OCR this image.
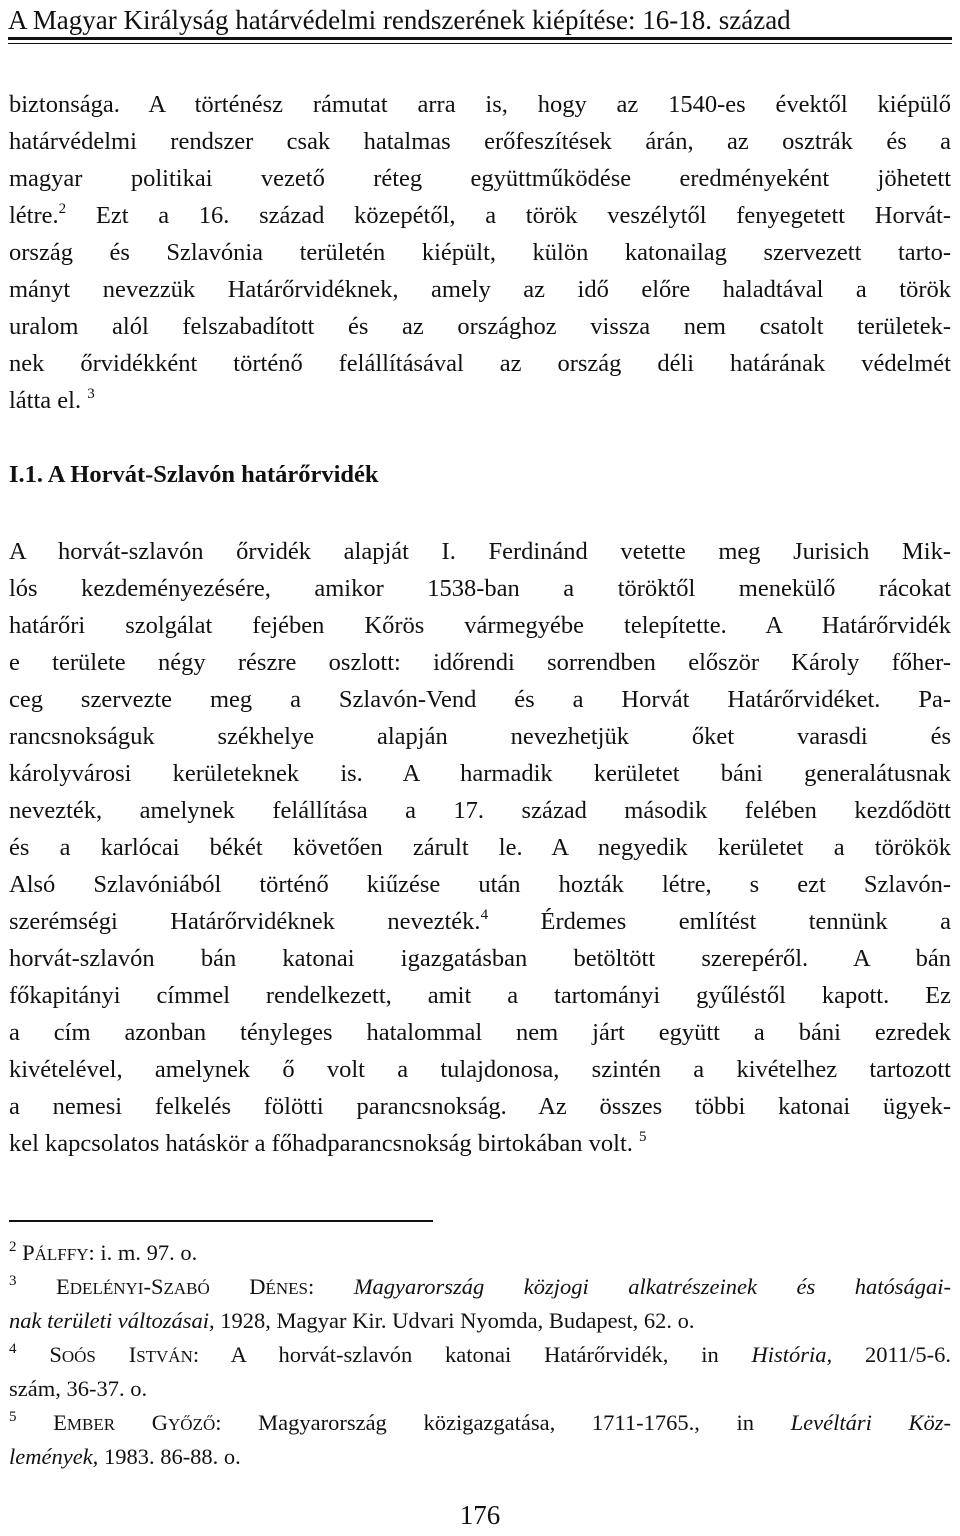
A Magyar Királyság határvédelmi rendszerének kiépítése: 16-18. század
biztonsága. A történész rámutat arra is, hogy az 1540-es évektől kiépülő
határvédelmi rendszer csak hatalmas erőfeszítések árán, az osztrák és a
magyar politikai vezető réteg együttműködése eredményeként jöhetett
létre.$^2$ Ezt a 16. század közepétől, a török veszélytől fenyegetett Horvát-
ország és Szlavónia területén kiépült, külön katonailag szervezett tarto-
mányt nevezzük Határőrvidéknek, amely az idő előre haladtával a török
uralom alól felszabadított és az országhoz vissza nem csatolt területek-
nek őrvidékként történő felállításával az ország déli határának védelmét
látta el. $^3$
I.1. A Horvát-Szlavón határőrvidék
A horvát-szlavón őrvidék alapját I. Ferdinánd vetette meg Jurisich Mik-
lós kezdeményezésére, amikor 1538-ban a töröktől menekülő rácokat
határőri szolgálat fejében Kőrös vármegyébe telepítette. A Határőrvidék
e területe négy részre oszlott: időrendi sorrendben először Károly főher-
ceg szervezte meg a Szlavón-Vend és a Horvát Határőrvidéket. Pa-
rancsnokságuk székhelye alapján nevezhetjük őket varasdi és
károlyvárosi kerületeknek is. A harmadik kerületet báni generalátusnak
nevezték, amelynek felállítása a 17. század második felében kezdődött
és a karlócai békét követően zárult le. A negyedik kerületet a törökök
Alsó Szlavóniából történő kiűzése után hozták létre, s ezt Szlavón-
szerémségi Határőrvidéknek nevezték.$^4$ Érdemes említést tennünk a
horvát-szlavón bán katonai igazgatásban betöltött szerepéről. A bán
főkapitányi címmel rendelkezett, amit a tartományi gyűléstől kapott. Ez
a cím azonban tényleges hatalommal nem járt együtt a báni ezredek
kivételével, amelynek ő volt a tulajdonosa, szintén a kivételhez tartozott
a nemesi felkelés fölötti parancsnokság. Az összes többi katonai ügyek-
kel kapcsolatos hatáskör a főhadparancsnokság birtokában volt. $^5$
$^2$ PÁLFFY: i. m. 97. o.
$^3$ EDELÉNYI-SZABÓ DÉNES: Magyarország közjogi alkatrészeinek és hatóságai-
nak területi változásai, 1928, Magyar Kir. Udvari Nyomda, Budapest, 62. o.
$^4$ SOÓS ISTVÁN: A horvát-szlavón katonai Határőrvidék, in História, 2011/5-6.
szám, 36-37. o.
$^5$ EMBER GYŐZŐ: Magyarország közigazgatása, 1711-1765., in Levéltári Köz-
lemények, 1983. 86-88. o.
176
